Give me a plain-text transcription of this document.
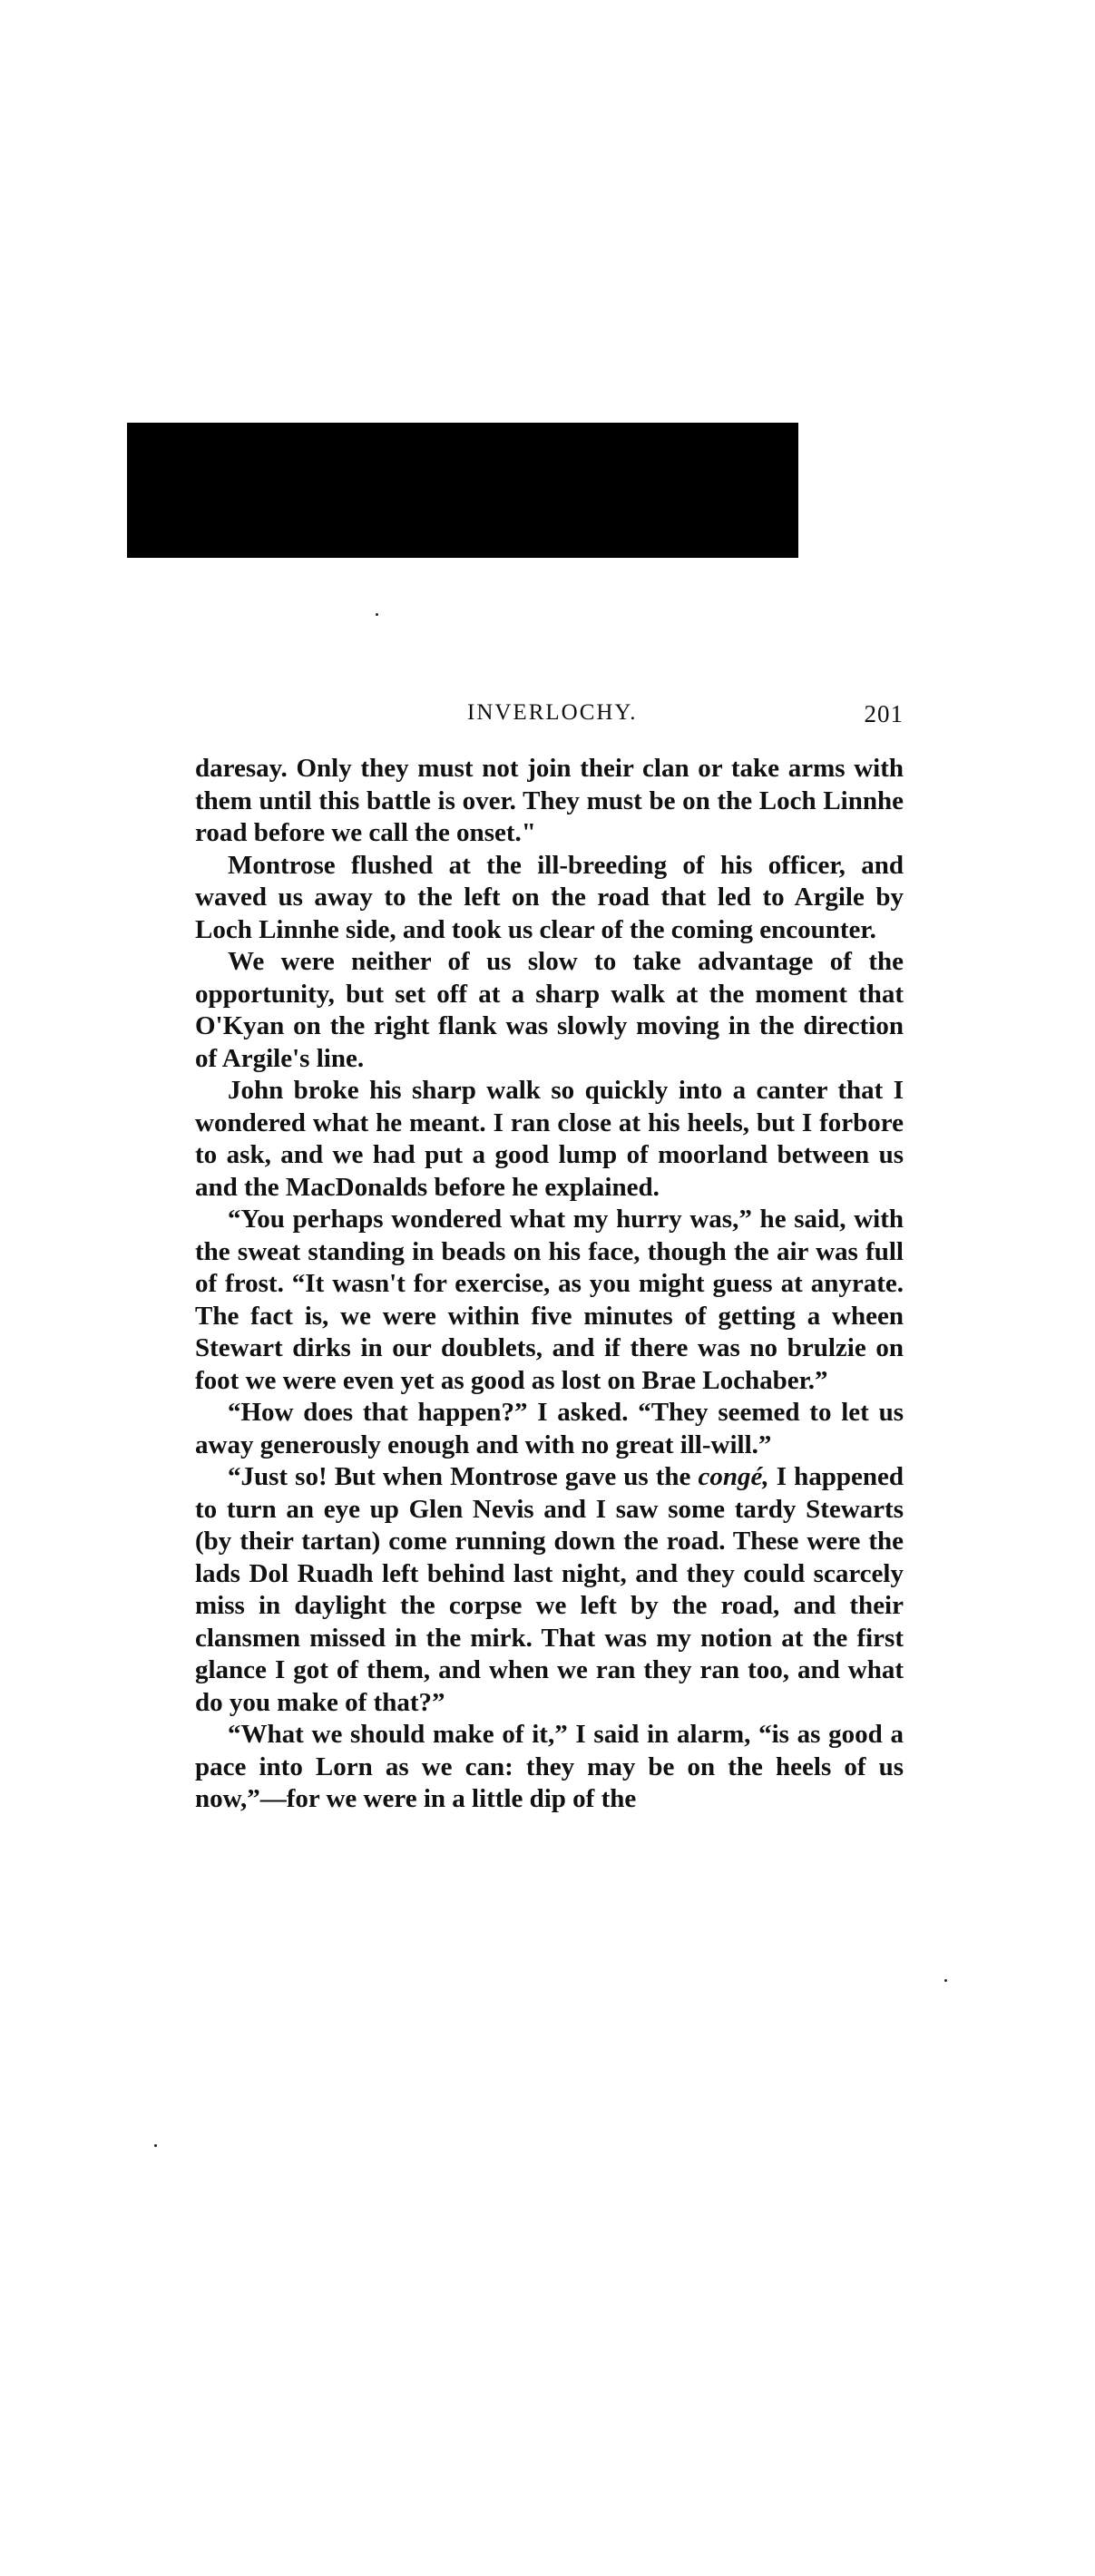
INVERLOCHY.	201

daresay. Only they must not join their clan or take arms with them until this battle is over. They must be on the Loch Linnhe road before we call the onset."

Montrose flushed at the ill-breeding of his officer, and waved us away to the left on the road that led to Argile by Loch Linnhe side, and took us clear of the coming encounter.

We were neither of us slow to take advantage of the opportunity, but set off at a sharp walk at the moment that O'Kyan on the right flank was slowly moving in the direction of Argile's line.

John broke his sharp walk so quickly into a canter that I wondered what he meant. I ran close at his heels, but I forbore to ask, and we had put a good lump of moorland between us and the MacDonalds before he explained.

“You perhaps wondered what my hurry was,” he said, with the sweat standing in beads on his face, though the air was full of frost. “It wasn't for exercise, as you might guess at anyrate. The fact is, we were within five minutes of getting a wheen Stewart dirks in our doublets, and if there was no brulzie on foot we were even yet as good as lost on Brae Lochaber.”

“How does that happen?” I asked. “They seemed to let us away generously enough and with no great ill-will.”

“Just so! But when Montrose gave us the congé, I happened to turn an eye up Glen Nevis and I saw some tardy Stewarts (by their tartan) come running down the road. These were the lads Dol Ruadh left behind last night, and they could scarcely miss in daylight the corpse we left by the road, and their clansmen missed in the mirk. That was my notion at the first glance I got of them, and when we ran they ran too, and what do you make of that?”

“What we should make of it,” I said in alarm, “is as good a pace into Lorn as we can: they may be on the heels of us now,”—for we were in a little dip of the
